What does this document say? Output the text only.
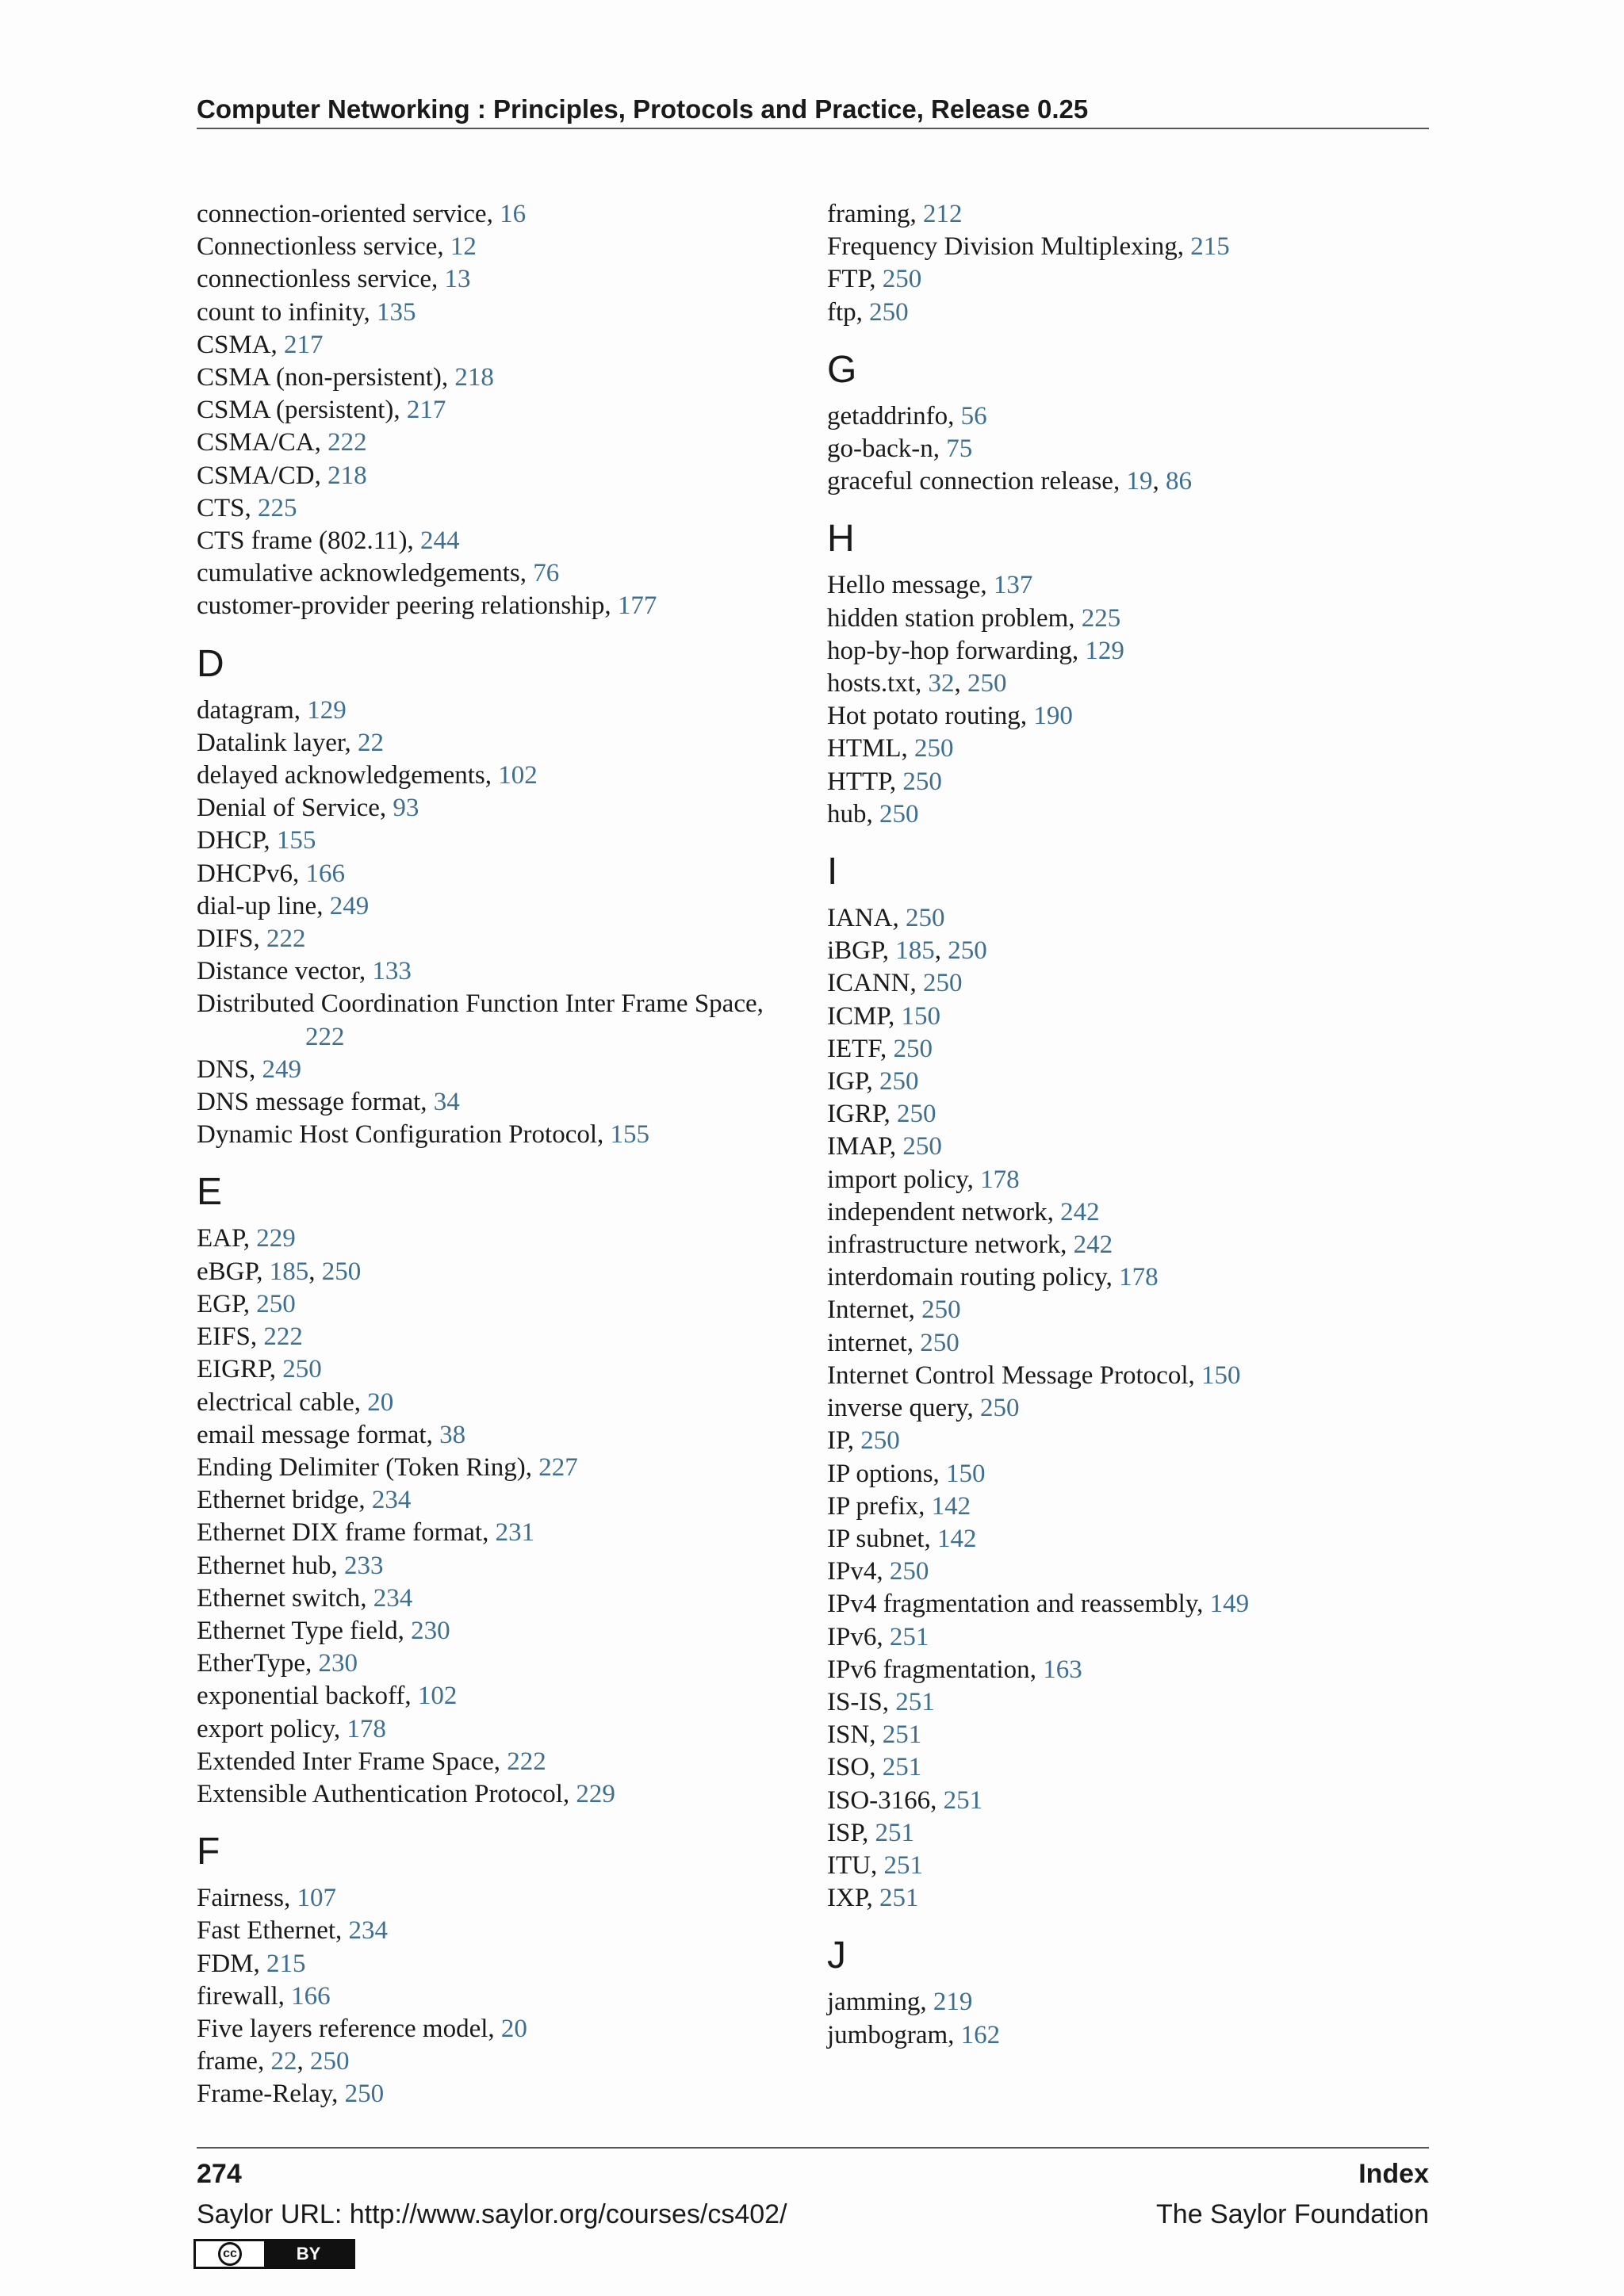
Computer Networking : Principles, Protocols and Practice, Release 0.25
connection-oriented service, 16
Connectionless service, 12
connectionless service, 13
count to infinity, 135
CSMA, 217
CSMA (non-persistent), 218
CSMA (persistent), 217
CSMA/CA, 222
CSMA/CD, 218
CTS, 225
CTS frame (802.11), 244
cumulative acknowledgements, 76
customer-provider peering relationship, 177
D
datagram, 129
Datalink layer, 22
delayed acknowledgements, 102
Denial of Service, 93
DHCP, 155
DHCPv6, 166
dial-up line, 249
DIFS, 222
Distance vector, 133
Distributed Coordination Function Inter Frame Space, 222
DNS, 249
DNS message format, 34
Dynamic Host Configuration Protocol, 155
E
EAP, 229
eBGP, 185, 250
EGP, 250
EIFS, 222
EIGRP, 250
electrical cable, 20
email message format, 38
Ending Delimiter (Token Ring), 227
Ethernet bridge, 234
Ethernet DIX frame format, 231
Ethernet hub, 233
Ethernet switch, 234
Ethernet Type field, 230
EtherType, 230
exponential backoff, 102
export policy, 178
Extended Inter Frame Space, 222
Extensible Authentication Protocol, 229
F
Fairness, 107
Fast Ethernet, 234
FDM, 215
firewall, 166
Five layers reference model, 20
frame, 22, 250
Frame-Relay, 250
framing, 212
Frequency Division Multiplexing, 215
FTP, 250
ftp, 250
G
getaddrinfo, 56
go-back-n, 75
graceful connection release, 19, 86
H
Hello message, 137
hidden station problem, 225
hop-by-hop forwarding, 129
hosts.txt, 32, 250
Hot potato routing, 190
HTML, 250
HTTP, 250
hub, 250
I
IANA, 250
iBGP, 185, 250
ICANN, 250
ICMP, 150
IETF, 250
IGP, 250
IGRP, 250
IMAP, 250
import policy, 178
independent network, 242
infrastructure network, 242
interdomain routing policy, 178
Internet, 250
internet, 250
Internet Control Message Protocol, 150
inverse query, 250
IP, 250
IP options, 150
IP prefix, 142
IP subnet, 142
IPv4, 250
IPv4 fragmentation and reassembly, 149
IPv6, 251
IPv6 fragmentation, 163
IS-IS, 251
ISN, 251
ISO, 251
ISO-3166, 251
ISP, 251
ITU, 251
IXP, 251
J
jamming, 219
jumbogram, 162
274	Index
Saylor URL: http://www.saylor.org/courses/cs402/	The Saylor Foundation
cc	BY
